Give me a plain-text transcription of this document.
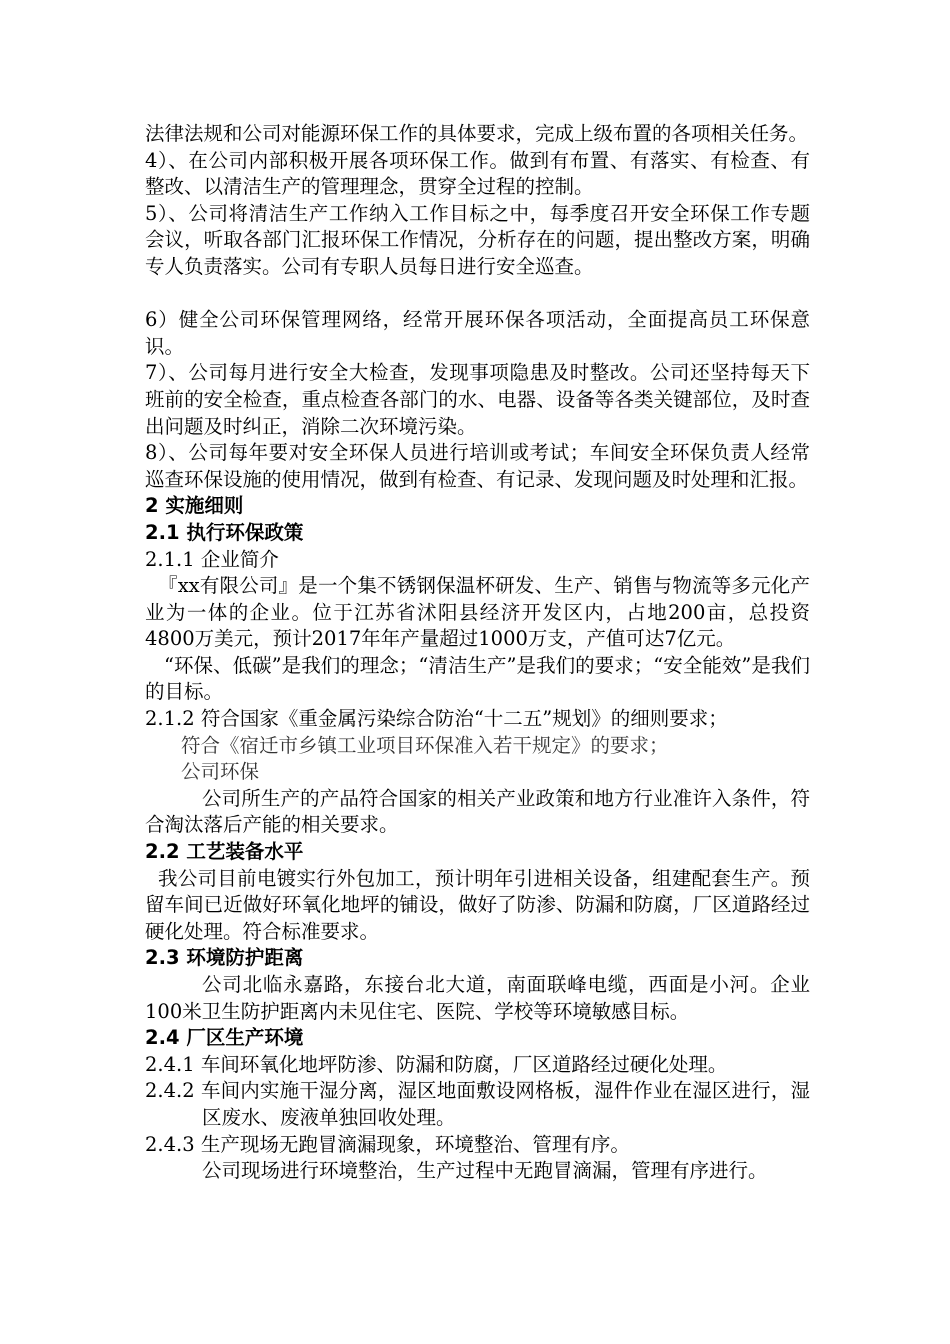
法律法规和公司对能源环保工作的具体要求，完成上级布置的各项相关任务。

4）、在公司内部积极开展各项环保工作。做到有布置、有落实、有检查、有整改、以清洁生产的管理理念，贯穿全过程的控制。

5）、公司将清洁生产工作纳入工作目标之中，每季度召开安全环保工作专题会议，听取各部门汇报环保工作情况，分析存在的问题，提出整改方案，明确专人负责落实。公司有专职人员每日进行安全巡查。

6）健全公司环保管理网络，经常开展环保各项活动，全面提高员工环保意识。

7）、公司每月进行安全大检查，发现事项隐患及时整改。公司还坚持每天下班前的安全检查，重点检查各部门的水、电器、设备等各类关键部位，及时查出问题及时纠正，消除二次环境污染。

8）、公司每年要对安全环保人员进行培训或考试；车间安全环保负责人经常巡查环保设施的使用情况，做到有检查、有记录、发现问题及时处理和汇报。

2 实施细则

2.1 执行环保政策

2.1.1 企业简介

『xx有限公司』是一个集不锈钢保温杯研发、生产、销售与物流等多元化产业为一体的企业。位于江苏省沭阳县经济开发区内，占地200亩，总投资4800万美元，预计2017年年产量超过1000万支，产值可达7亿元。

“环保、低碳”是我们的理念；“清洁生产”是我们的要求；“安全能效”是我们的目标。

2.1.2 符合国家《重金属污染综合防治“十二五”规划》的细则要求；

符合《宿迁市乡镇工业项目环保准入若干规定》的要求；

公司环保

公司所生产的产品符合国家的相关产业政策和地方行业准许入条件，符合淘汰落后产能的相关要求。

2.2 工艺装备水平

我公司目前电镀实行外包加工，预计明年引进相关设备，组建配套生产。预留车间已近做好环氧化地坪的铺设，做好了防渗、防漏和防腐，厂区道路经过硬化处理。符合标准要求。

2.3 环境防护距离

公司北临永嘉路，东接台北大道，南面联峰电缆，西面是小河。企业100米卫生防护距离内未见住宅、医院、学校等环境敏感目标。

2.4 厂区生产环境

2.4.1 车间环氧化地坪防渗、防漏和防腐，厂区道路经过硬化处理。

2.4.2 车间内实施干湿分离，湿区地面敷设网格板，湿件作业在湿区进行，湿区废水、废液单独回收处理。

2.4.3 生产现场无跑冒滴漏现象，环境整治、管理有序。

公司现场进行环境整治，生产过程中无跑冒滴漏，管理有序进行。
